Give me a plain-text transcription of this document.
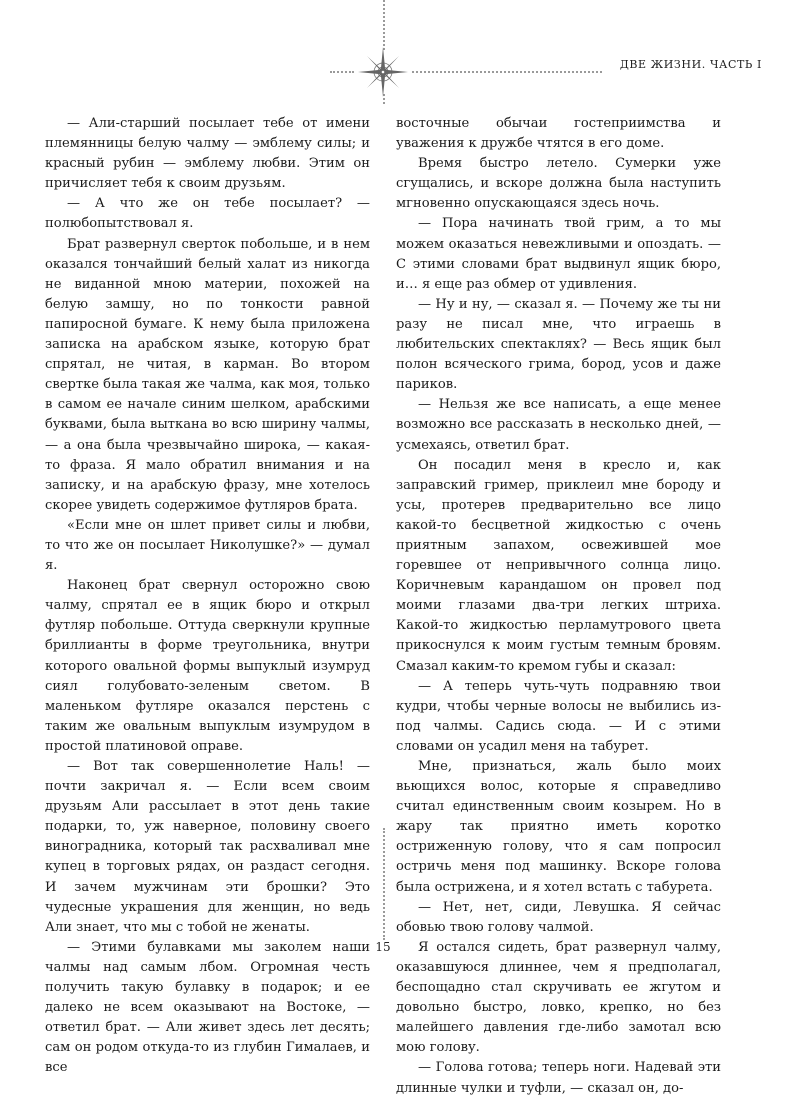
ДВЕ ЖИЗНИ. ЧАСТЬ I

— Али-старший посылает тебе от имени племянницы белую чалму — эмблему силы; и красный рубин — эмблему любви. Этим он причисляет тебя к своим друзьям.

— А что же он тебе посылает? — полюбопытствовал я.

Брат развернул сверток побольше, и в нем оказался тончайший белый халат из никогда не виданной мною материи, похожей на белую замшу, но по тонкости равной папиросной бумаге. К нему была приложена записка на арабском языке, которую брат спрятал, не читая, в карман. Во втором свертке была такая же чалма, как моя, только в самом ее начале синим шелком, арабскими буквами, была выткана во всю ширину чалмы, — а она была чрезвычайно широка, — какая-то фраза. Я мало обратил внимания и на записку, и на арабскую фразу, мне хотелось скорее увидеть содержимое футляров брата.

«Если мне он шлет привет силы и любви, то что же он посылает Николушке?» — думал я.

Наконец брат свернул осторожно свою чалму, спрятал ее в ящик бюро и открыл футляр побольше. Оттуда сверкнули крупные бриллианты в форме треугольника, внутри которого овальной формы выпуклый изумруд сиял голубовато-зеленым светом. В маленьком футляре оказался перстень с таким же овальным выпуклым изумрудом в простой платиновой оправе.

— Вот так совершеннолетие Наль! — почти закричал я. — Если всем своим друзьям Али рассылает в этот день такие подарки, то, уж наверное, половину своего виноградника, который так расхваливал мне купец в торговых рядах, он раздаст сегодня. И зачем мужчинам эти брошки? Это чудесные украшения для женщин, но ведь Али знает, что мы с тобой не женаты.

— Этими булавками мы заколем наши чалмы над самым лбом. Огромная честь получить такую булавку в подарок; и ее далеко не всем оказывают на Востоке, — ответил брат. — Али живет здесь лет десять; сам он родом откуда-то из глубин Гималаев, и все

восточные обычаи гостеприимства и уважения к дружбе чтятся в его доме.

Время быстро летело. Сумерки уже сгущались, и вскоре должна была наступить мгновенно опускающаяся здесь ночь.

— Пора начинать твой грим, а то мы можем оказаться невежливыми и опоздать. — С этими словами брат выдвинул ящик бюро, и… я еще раз обмер от удивления.

— Ну и ну, — сказал я. — Почему же ты ни разу не писал мне, что играешь в любительских спектаклях? — Весь ящик был полон всяческого грима, бород, усов и даже париков.

— Нельзя же все написать, а еще менее возможно все рассказать в несколько дней, — усмехаясь, ответил брат.

Он посадил меня в кресло и, как заправский гример, приклеил мне бороду и усы, протерев предварительно все лицо какой-то бесцветной жидкостью с очень приятным запахом, освежившей мое горевшее от непривычного солнца лицо. Коричневым карандашом он провел под моими глазами два-три легких штриха. Какой-то жидкостью перламутрового цвета прикоснулся к моим густым темным бровям. Смазал каким-то кремом губы и сказал:

— А теперь чуть-чуть подравняю твои кудри, чтобы черные волосы не выбились из-под чалмы. Садись сюда. — И с этими словами он усадил меня на табурет.

Мне, признаться, жаль было моих вьющихся волос, которые я справедливо считал единственным своим козырем. Но в жару так приятно иметь коротко остриженную голову, что я сам попросил остричь меня под машинку. Вскоре голова была острижена, и я хотел встать с табурета.

— Нет, нет, сиди, Левушка. Я сейчас обовью твою голову чалмой.

Я остался сидеть, брат развернул чалму, оказавшуюся длиннее, чем я предполагал, беспощадно стал скручивать ее жгутом и довольно быстро, ловко, крепко, но без малейшего давления где-либо замотал всю мою голову.

— Голова готова; теперь ноги. Надевай эти длинные чулки и туфли, — сказал он, до-

15
